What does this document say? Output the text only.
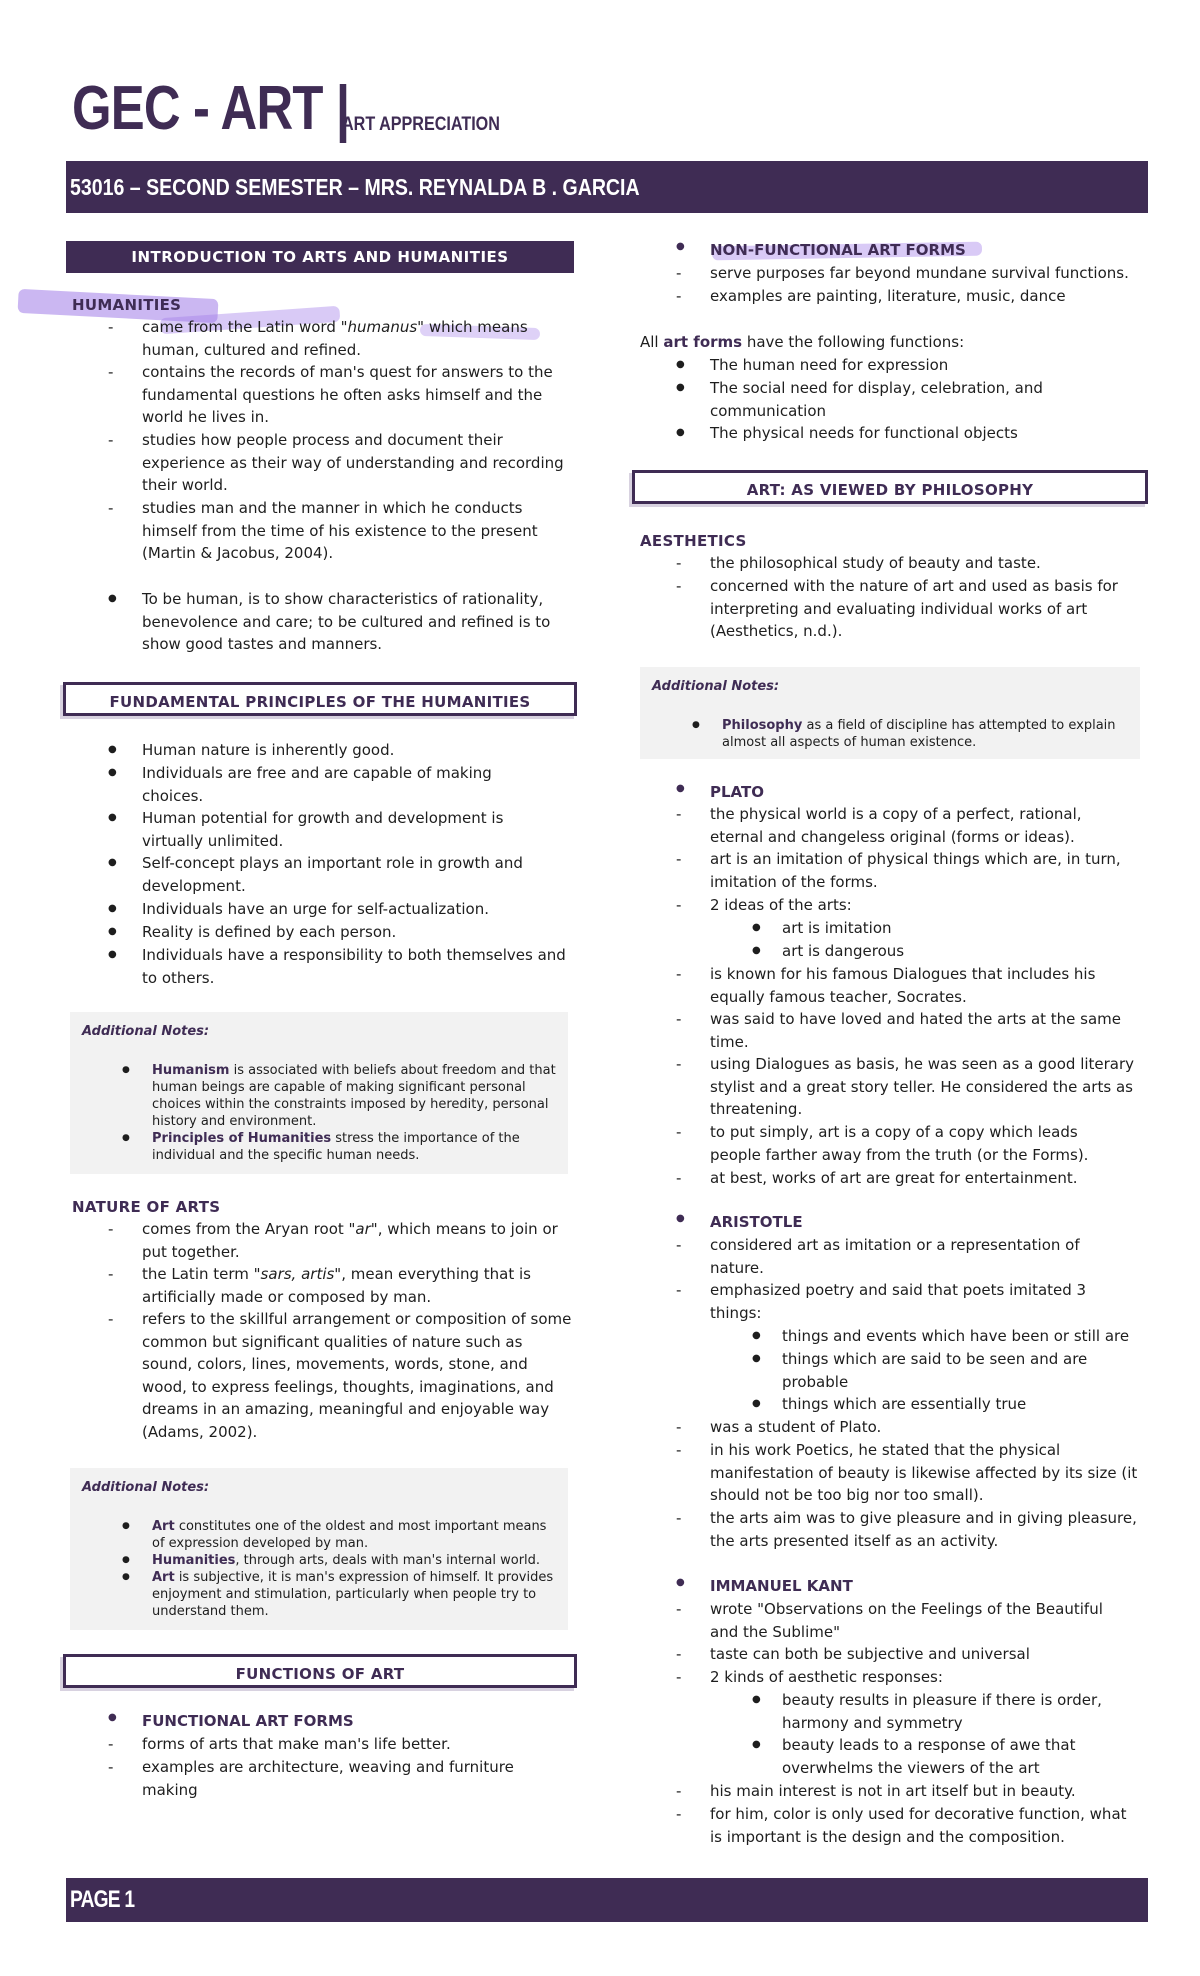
GEC - ART |
ART APPRECIATION
53016 – SECOND SEMESTER – MRS. REYNALDA B . GARCIA
INTRODUCTION TO ARTS AND HUMANITIES
HUMANITIES
- came from the Latin word "humanus" which means
human, cultured and refined.
- contains the records of man's quest for answers to the fundamental questions he often asks himself and the world he lives in.
- studies how people process and document their experience as their way of understanding and recording their world.
- studies man and the manner in which he conducts himself from the time of his existence to the present (Martin & Jacobus, 2004).
● To be human, is to show characteristics of rationality, benevolence and care; to be cultured and refined is to show good tastes and manners.
FUNDAMENTAL PRINCIPLES OF THE HUMANITIES
● Human nature is inherently good.
● Individuals are free and are capable of making choices.
● Human potential for growth and development is virtually unlimited.
● Self-concept plays an important role in growth and development.
● Individuals have an urge for self-actualization.
● Reality is defined by each person.
● Individuals have a responsibility to both themselves and to others.
Additional Notes:
● Humanism is associated with beliefs about freedom and that human beings are capable of making significant personal choices within the constraints imposed by heredity, personal history and environment.
● Principles of Humanities stress the importance of the individual and the specific human needs.
NATURE OF ARTS
- comes from the Aryan root "ar", which means to join or put together.
- the Latin term "sars, artis", mean everything that is artificially made or composed by man.
- refers to the skillful arrangement or composition of some common but significant qualities of nature such as sound, colors, lines, movements, words, stone, and wood, to express feelings, thoughts, imaginations, and dreams in an amazing, meaningful and enjoyable way (Adams, 2002).
Additional Notes:
● Art constitutes one of the oldest and most important means of expression developed by man.
● Humanities, through arts, deals with man's internal world.
● Art is subjective, it is man's expression of himself. It provides enjoyment and stimulation, particularly when people try to understand them.
FUNCTIONS OF ART
● FUNCTIONAL ART FORMS
- forms of arts that make man's life better.
- examples are architecture, weaving and furniture making
● NON-FUNCTIONAL ART FORMS
- serve purposes far beyond mundane survival functions.
- examples are painting, literature, music, dance
All art forms have the following functions:
● The human need for expression
● The social need for display, celebration, and communication
● The physical needs for functional objects
ART: AS VIEWED BY PHILOSOPHY
AESTHETICS
- the philosophical study of beauty and taste.
- concerned with the nature of art and used as basis for interpreting and evaluating individual works of art (Aesthetics, n.d.).
Additional Notes:
● Philosophy as a field of discipline has attempted to explain almost all aspects of human existence.
● PLATO
- the physical world is a copy of a perfect, rational, eternal and changeless original (forms or ideas).
- art is an imitation of physical things which are, in turn, imitation of the forms.
- 2 ideas of the arts:
● art is imitation
● art is dangerous
- is known for his famous Dialogues that includes his equally famous teacher, Socrates.
- was said to have loved and hated the arts at the same time.
- using Dialogues as basis, he was seen as a good literary stylist and a great story teller. He considered the arts as threatening.
- to put simply, art is a copy of a copy which leads people farther away from the truth (or the Forms).
- at best, works of art are great for entertainment.
● ARISTOTLE
- considered art as imitation or a representation of nature.
- emphasized poetry and said that poets imitated 3 things:
● things and events which have been or still are
● things which are said to be seen and are probable
● things which are essentially true
- was a student of Plato.
- in his work Poetics, he stated that the physical manifestation of beauty is likewise affected by its size (it should not be too big nor too small).
- the arts aim was to give pleasure and in giving pleasure, the arts presented itself as an activity.
● IMMANUEL KANT
- wrote "Observations on the Feelings of the Beautiful and the Sublime"
- taste can both be subjective and universal
- 2 kinds of aesthetic responses:
● beauty results in pleasure if there is order, harmony and symmetry
● beauty leads to a response of awe that overwhelms the viewers of the art
- his main interest is not in art itself but in beauty.
- for him, color is only used for decorative function, what is important is the design and the composition.
PAGE 1
